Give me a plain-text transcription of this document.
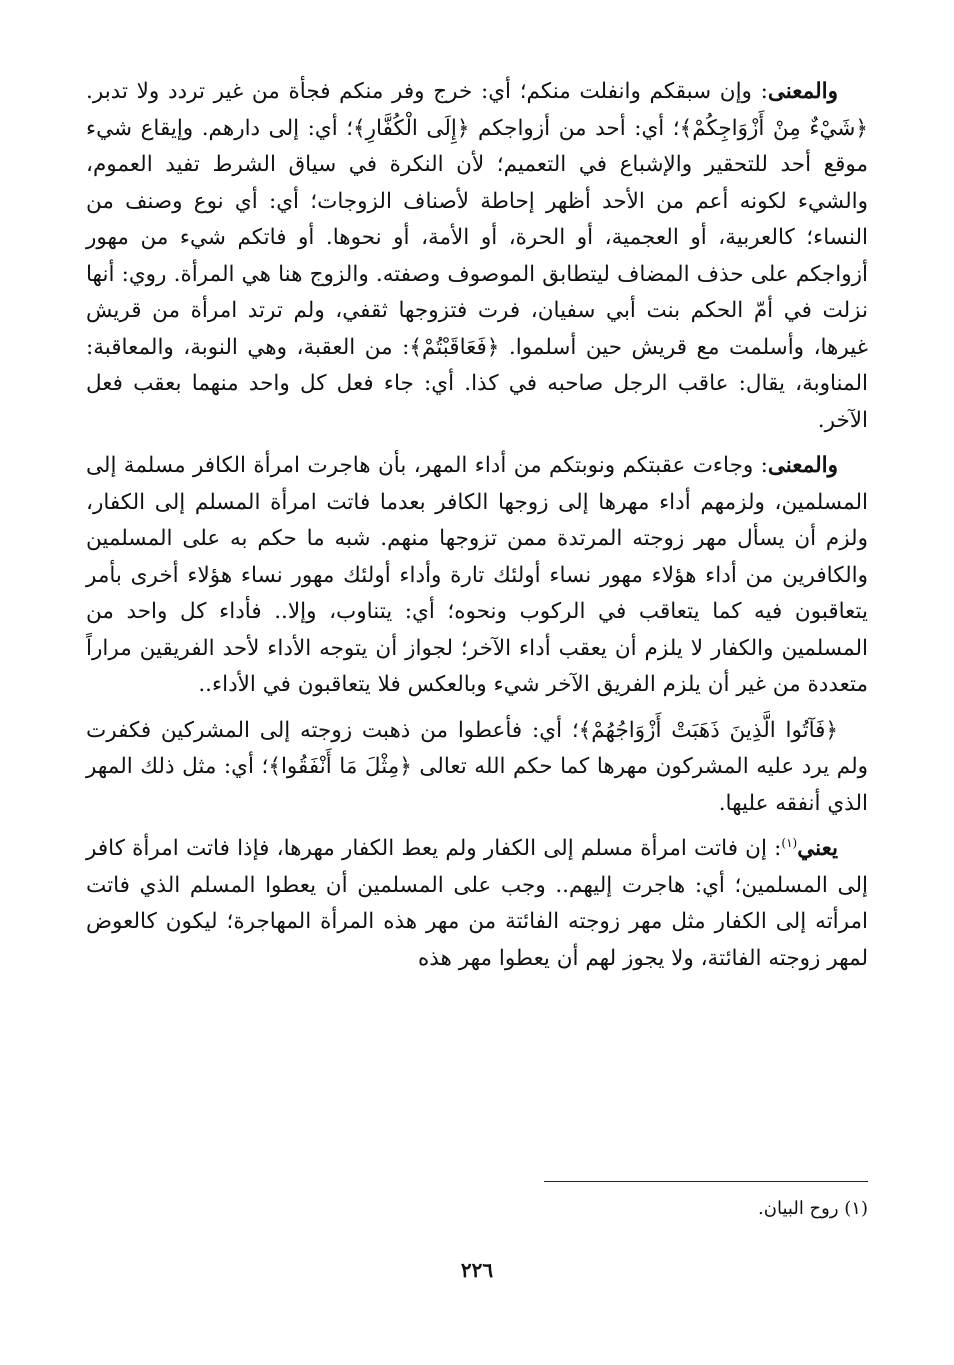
والمعنى: وإن سبقكم وانفلت منكم؛ أي: خرج وفر منكم فجأة من غير تردد ولا تدبر. ﴿شَيْءٌ مِنْ أَزْوَاجِكُمْ﴾؛ أي: أحد من أزواجكم ﴿إِلَى الْكُفَّارِ﴾؛ أي: إلى دارهم. وإيقاع شيء موقع أحد للتحقير والإشباع في التعميم؛ لأن النكرة في سياق الشرط تفيد العموم، والشيء لكونه أعم من الأحد أظهر إحاطة لأصناف الزوجات؛ أي: أي نوع وصنف من النساء؛ كالعربية، أو العجمية، أو الحرة، أو الأمة، أو نحوها. أو فاتكم شيء من مهور أزواجكم على حذف المضاف ليتطابق الموصوف وصفته. والزوج هنا هي المرأة. روي: أنها نزلت في أمّ الحكم بنت أبي سفيان، فرت فتزوجها ثقفي، ولم ترتد امرأة من قريش غيرها، وأسلمت مع قريش حين أسلموا. ﴿فَعَاقَبْتُمْ﴾: من العقبة، وهي النوبة، والمعاقبة: المناوبة، يقال: عاقب الرجل صاحبه في كذا. أي: جاء فعل كل واحد منهما بعقب فعل الآخر.

والمعنى: وجاءت عقبتكم ونوبتكم من أداء المهر، بأن هاجرت امرأة الكافر مسلمة إلى المسلمين، ولزمهم أداء مهرها إلى زوجها الكافر بعدما فاتت امرأة المسلم إلى الكفار، ولزم أن يسأل مهر زوجته المرتدة ممن تزوجها منهم. شبه ما حكم به على المسلمين والكافرين من أداء هؤلاء مهور نساء أولئك تارة وأداء أولئك مهور نساء هؤلاء أخرى بأمر يتعاقبون فيه كما يتعاقب في الركوب ونحوه؛ أي: يتناوب، وإلا.. فأداء كل واحد من المسلمين والكفار لا يلزم أن يعقب أداء الآخر؛ لجواز أن يتوجه الأداء لأحد الفريقين مراراً متعددة من غير أن يلزم الفريق الآخر شيء وبالعكس فلا يتعاقبون في الأداء..

﴿فَآتُوا الَّذِينَ ذَهَبَتْ أَزْوَاجُهُمْ﴾؛ أي: فأعطوا من ذهبت زوجته إلى المشركين فكفرت ولم يرد عليه المشركون مهرها كما حكم الله تعالى ﴿مِثْلَ مَا أَنْفَقُوا﴾؛ أي: مثل ذلك المهر الذي أنفقه عليها.

يعني$^{(١)}$: إن فاتت امرأة مسلم إلى الكفار ولم يعط الكفار مهرها، فإذا فاتت امرأة كافر إلى المسلمين؛ أي: هاجرت إليهم.. وجب على المسلمين أن يعطوا المسلم الذي فاتت امرأته إلى الكفار مثل مهر زوجته الفائتة من مهر هذه المرأة المهاجرة؛ ليكون كالعوض لمهر زوجته الفائتة، ولا يجوز لهم أن يعطوا مهر هذه

(١) روح البيان.
٢٢٦
